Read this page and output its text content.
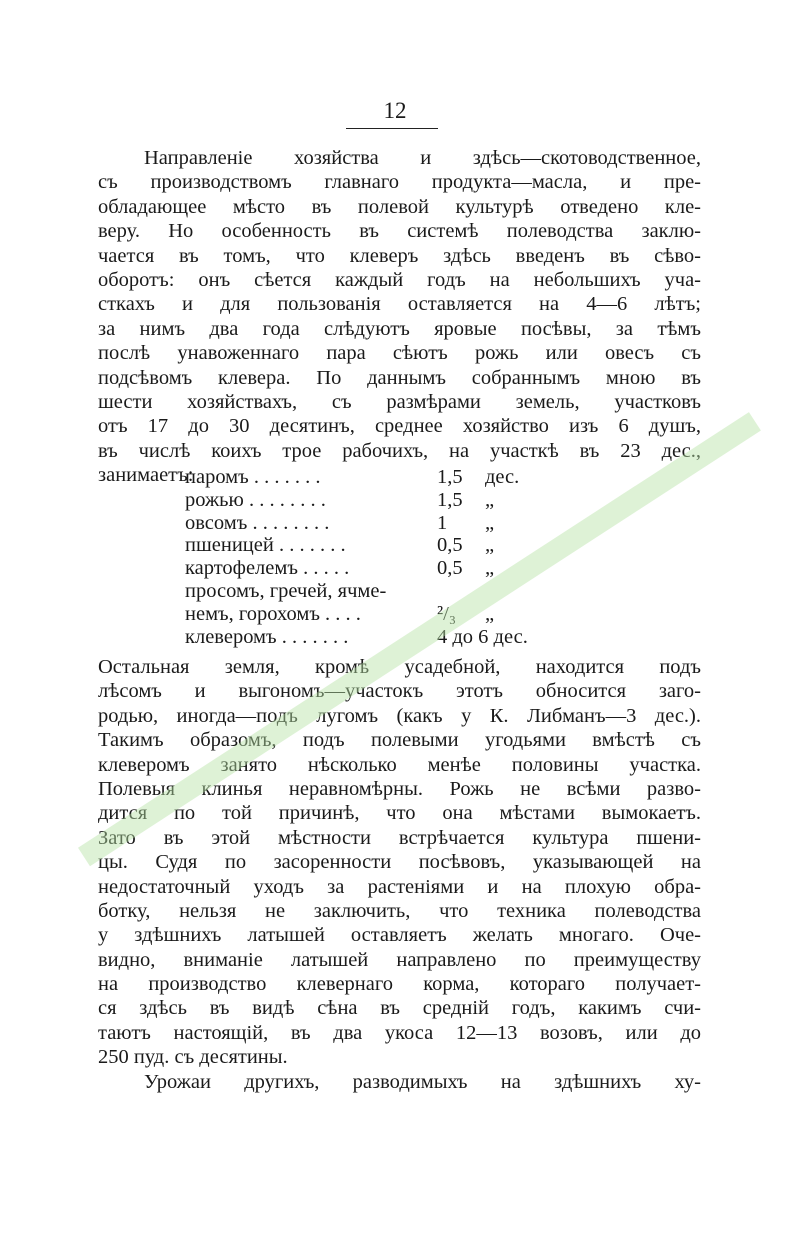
12
Направленіе хозяйства и здѣсь—скотоводственное,
съ производствомъ главнаго продукта—масла, и пре-
обладающее мѣсто въ полевой культурѣ отведено кле-
веру. Но особенность въ системѣ полеводства заклю-
чается въ томъ, что клеверъ здѣсь введенъ въ сѣво-
оборотъ: онъ сѣется каждый годъ на небольшихъ уча-
сткахъ и для пользованія оставляется на 4—6 лѣтъ;
за нимъ два года слѣдуютъ яровые посѣвы, за тѣмъ
послѣ унавоженнаго пара сѣютъ рожь или овесъ съ
подсѣвомъ клевера. По даннымъ собраннымъ мною въ
шести хозяйствахъ, съ размѣрами земель, участковъ
отъ 17 до 30 десятинъ, среднее хозяйство изъ 6 душъ,
въ числѣ коихъ трое рабочихъ, на участкѣ въ 23 дес.,
занимаетъ:
паромъ . . . . . . .	1,5 дес.
рожью . . . . . . . .	1,5 „
овсомъ . . . . . . . .	1 „
пшеницей . . . . . . .	0,5 „
картофелемъ . . . . .	0,5 „
просомъ, гречей, ячме-
немъ, горохомъ . . . .	²/₃ „
клеверомъ . . . . . . .	4 до 6 дес.
Остальная земля, кромѣ усадебной, находится подъ
лѣсомъ и выгономъ—участокъ этотъ обносится заго-
родью, иногда—подъ лугомъ (какъ у К. Либманъ—3 дес.).
Такимъ образомъ, подъ полевыми угодьями вмѣстѣ съ
клеверомъ занято нѣсколько менѣе половины участка.
Полевыя клинья неравномѣрны. Рожь не всѣми разво-
дится по той причинѣ, что она мѣстами вымокаетъ.
Зато въ этой мѣстности встрѣчается культура пшени-
цы. Судя по засоренности посѣвовъ, указывающей на
недостаточный уходъ за растеніями и на плохую обра-
ботку, нельзя не заключить, что техника полеводства
у здѣшнихъ латышей оставляетъ желать многаго. Оче-
видно, вниманіе латышей направлено по преимуществу
на производство клевернаго корма, котораго получает-
ся здѣсь въ видѣ сѣна въ средній годъ, какимъ счи-
таютъ настоящій, въ два укоса 12—13 возовъ, или до
250 пуд. съ десятины.
Урожаи другихъ, разводимыхъ на здѣшнихъ ху-
